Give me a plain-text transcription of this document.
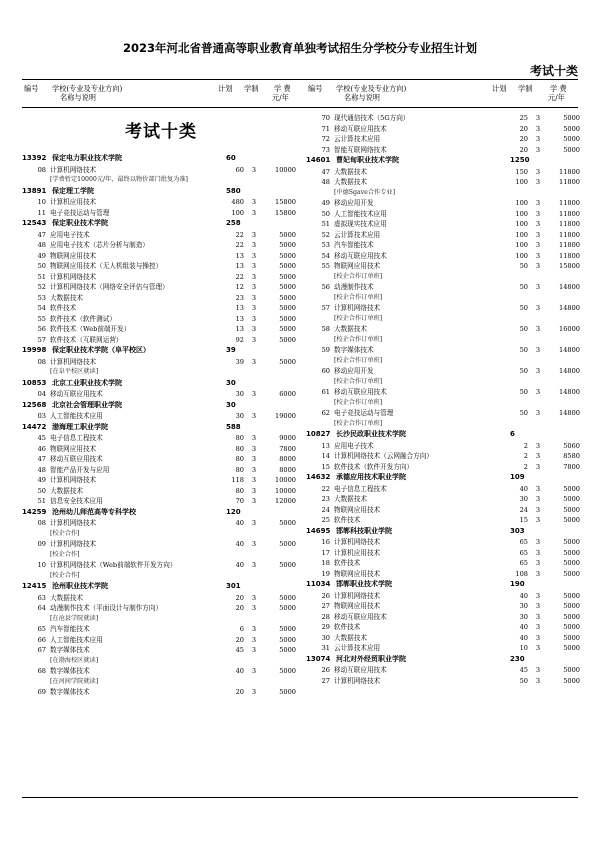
2023年河北省普通高等职业教育单独考试招生分学校分专业招生计划
考试十类
编号 学校(专业及专业方向)
名称与说明
计划 学制 学 费
元/年
编号 学校(专业及专业方向)
名称与说明
计划 学制 学 费
元/年
考试十类
13392 保定电力职业技术学院	60
08 计算机网络技术	60	3	10000
[学费暂定10000元/年，最终以物价部门批复为准]
13891 保定理工学院	580
10 计算机应用技术	480	3	15800
11 电子竞技运动与管理	100	3	15800
12543 保定职业技术学院	258
47 应用电子技术	22	3	5000
48 应用电子技术（芯片分析与制造）	22	3	5000
49 物联网应用技术	13	3	5000
50 物联网应用技术（无人机组装与操控）	13	3	5000
51 计算机网络技术	22	3	5000
52 计算机网络技术（网络安全评估与管理）	12	3	5000
53 大数据技术	23	3	5000
54 软件技术	13	3	5000
55 软件技术（软件测试）	13	3	5000
56 软件技术（Web前端开发）	13	3	5000
57 软件技术（互联网运营）	92	3	5000
19998 保定职业技术学院（阜平校区）	39
08 计算机网络技术	39	3	5000
[在阜平校区就读]
10853 北京工业职业技术学院	30
04 移动互联应用技术	30	3	6000
12568 北京社会管理职业学院	30
03 人工智能技术应用	30	3	19000
14472 渤海理工职业学院	588
45 电子信息工程技术	80	3	9000
46 物联网应用技术	80	3	7800
47 移动互联应用技术	80	3	8000
48 智能产品开发与应用	80	3	8000
49 计算机网络技术	118	3	10000
50 大数据技术	80	3	10000
51 信息安全技术应用	70	3	12000
14259 沧州幼儿师范高等专科学校	120
08 计算机网络技术	40	3	5000
[校企合作]
09 计算机网络技术	40	3	5000
[校企合作]
10 计算机网络技术（Web前端软件开发方向）	40	3	5000
[校企合作]
12415 沧州职业技术学院	301
63 大数据技术	20	3	5000
64 动漫制作技术（平面设计与制作方向）	20	3	5000
[在沧县学院就读]
65 汽车智能技术	6	3	5000
66 人工智能技术应用	20	3	5000
67 数字媒体技术	45	3	5000
[在渤海校区就读]
68 数字媒体技术	40	3	5000
[在河间学院就读]
69 数字媒体技术	20	3	5000
70 现代通信技术（5G方向）	25	3	5000
71 移动互联应用技术	20	3	5000
72 云计算技术应用	20	3	5000
73 智能互联网络技术	20	3	5000
14601 曹妃甸职业技术学院	1250
47 大数据技术	150	3	11800
48 大数据技术	100	3	11800
[中德Sgave合作专业]
49 移动应用开发	100	3	11800
50 人工智能技术应用	100	3	11800
51 虚拟现实技术应用	100	3	11800
52 云计算技术应用	100	3	11800
53 汽车智能技术	100	3	11800
54 移动互联应用技术	100	3	11800
55 物联网应用技术	50	3	15800
[校企合作订单班]
56 动漫制作技术	50	3	14800
[校企合作订单班]
57 计算机网络技术	50	3	14800
[校企合作订单班]
58 大数据技术	50	3	16000
[校企合作订单班]
59 数字媒体技术	50	3	14800
[校企合作订单班]
60 移动应用开发	50	3	14800
[校企合作订单班]
61 移动互联应用技术	50	3	14800
[校企合作订单班]
62 电子竞技运动与管理	50	3	14800
[校企合作订单班]
10827 长沙民政职业技术学院	6
13 应用电子技术	2	3	5060
14 计算机网络技术（云网融合方向）	2	3	8580
15 软件技术（软件开发方向）	2	3	7800
14632 承德应用技术职业学院	109
22 电子信息工程技术	40	3	5000
23 大数据技术	30	3	5000
24 物联网应用技术	24	3	5000
25 软件技术	15	3	5000
14695 邯郸科技职业学院	303
16 计算机网络技术	65	3	5000
17 计算机应用技术	65	3	5000
18 软件技术	65	3	5000
19 物联网应用技术	108	3	5000
11034 邯郸职业技术学院	190
26 计算机网络技术	40	3	5000
27 物联网应用技术	30	3	5000
28 移动互联应用技术	30	3	5000
29 软件技术	40	3	5000
30 大数据技术	40	3	5000
31 云计算技术应用	10	3	5000
13074 河北对外经贸职业学院	230
26 移动互联应用技术	45	3	5000
27 计算机网络技术	50	3	5000
